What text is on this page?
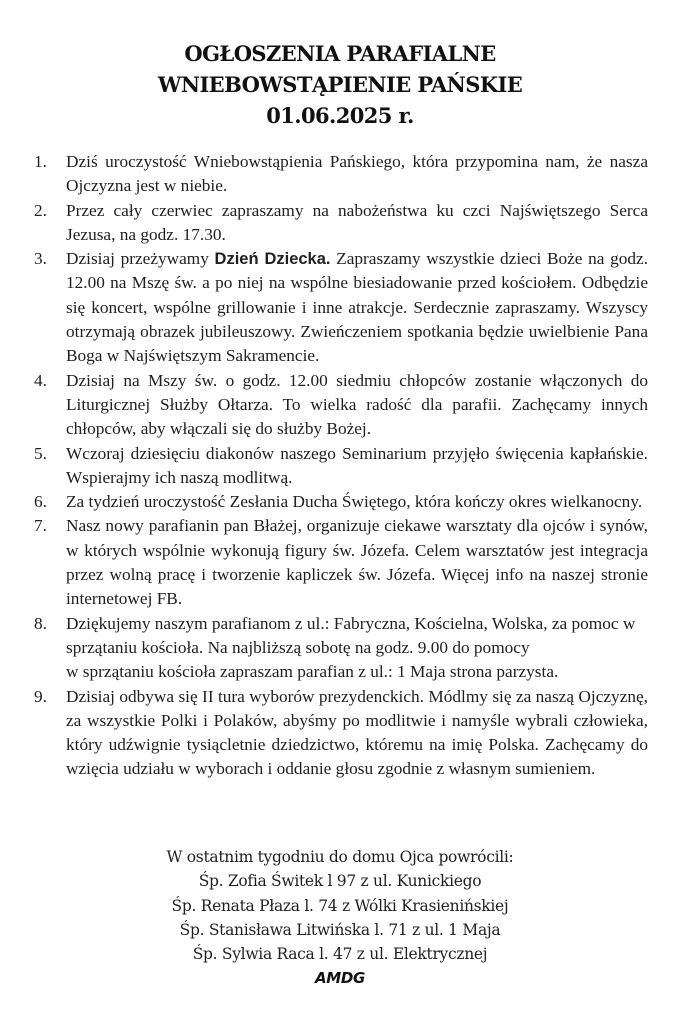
OGŁOSZENIA PARAFIALNE
WNIEBOWSTĄPIENIE PAŃSKIE
01.06.2025 r.
1.	Dziś uroczystość Wniebowstąpienia Pańskiego, która przypomina nam, że nasza Ojczyzna jest w niebie.
2.	Przez cały czerwiec zapraszamy na nabożeństwa ku czci Najświętszego Serca Jezusa, na godz. 17.30.
3.	Dzisiaj przeżywamy Dzień Dziecka. Zapraszamy wszystkie dzieci Boże na godz. 12.00 na Mszę św. a po niej na wspólne biesiadowanie przed kościołem. Odbędzie się koncert, wspólne grillowanie i inne atrakcje. Serdecznie zapraszamy. Wszyscy otrzymają obrazek jubileuszowy. Zwieńczeniem spotkania będzie uwielbienie Pana Boga w Najświętszym Sakramencie.
4.	Dzisiaj na Mszy św. o godz. 12.00 siedmiu chłopców zostanie włączonych do Liturgicznej Służby Ołtarza. To wielka radość dla parafii. Zachęcamy innych chłopców, aby włączali się do służby Bożej.
5.	Wczoraj dziesięciu diakonów naszego Seminarium przyjęło święcenia kapłańskie. Wspierajmy ich naszą modlitwą.
6.	Za tydzień uroczystość Zesłania Ducha Świętego, która kończy okres wielkanocny.
7.	Nasz nowy parafianin pan Błażej, organizuje ciekawe warsztaty dla ojców i synów, w których wspólnie wykonują figury św. Józefa. Celem warsztatów jest integracja przez wolną pracę i tworzenie kapliczek św. Józefa. Więcej info na naszej stronie internetowej FB.
8.	Dziękujemy naszym parafianom z ul.: Fabryczna, Kościelna, Wolska, za pomoc w sprzątaniu kościoła. Na najbliższą sobotę na godz. 9.00 do pomocy
w sprzątaniu kościoła zapraszam parafian z ul.: 1 Maja strona parzysta.
9.	Dzisiaj odbywa się II tura wyborów prezydenckich. Módlmy się za naszą Ojczyznę, za wszystkie Polki i Polaków, abyśmy po modlitwie i namyśle wybrali człowieka, który udźwignie tysiącletnie dziedzictwo, któremu na imię Polska. Zachęcamy do wzięcia udziału w wyborach i oddanie głosu zgodnie z własnym sumieniem.
W ostatnim tygodniu do domu Ojca powrócili:
Śp. Zofia Świtek l 97 z ul. Kunickiego
Śp. Renata Płaza l. 74 z Wólki Krasienińskiej
Śp. Stanisława Litwińska l. 71 z ul. 1 Maja
Śp. Sylwia Raca l. 47 z ul. Elektrycznej
AMDG
